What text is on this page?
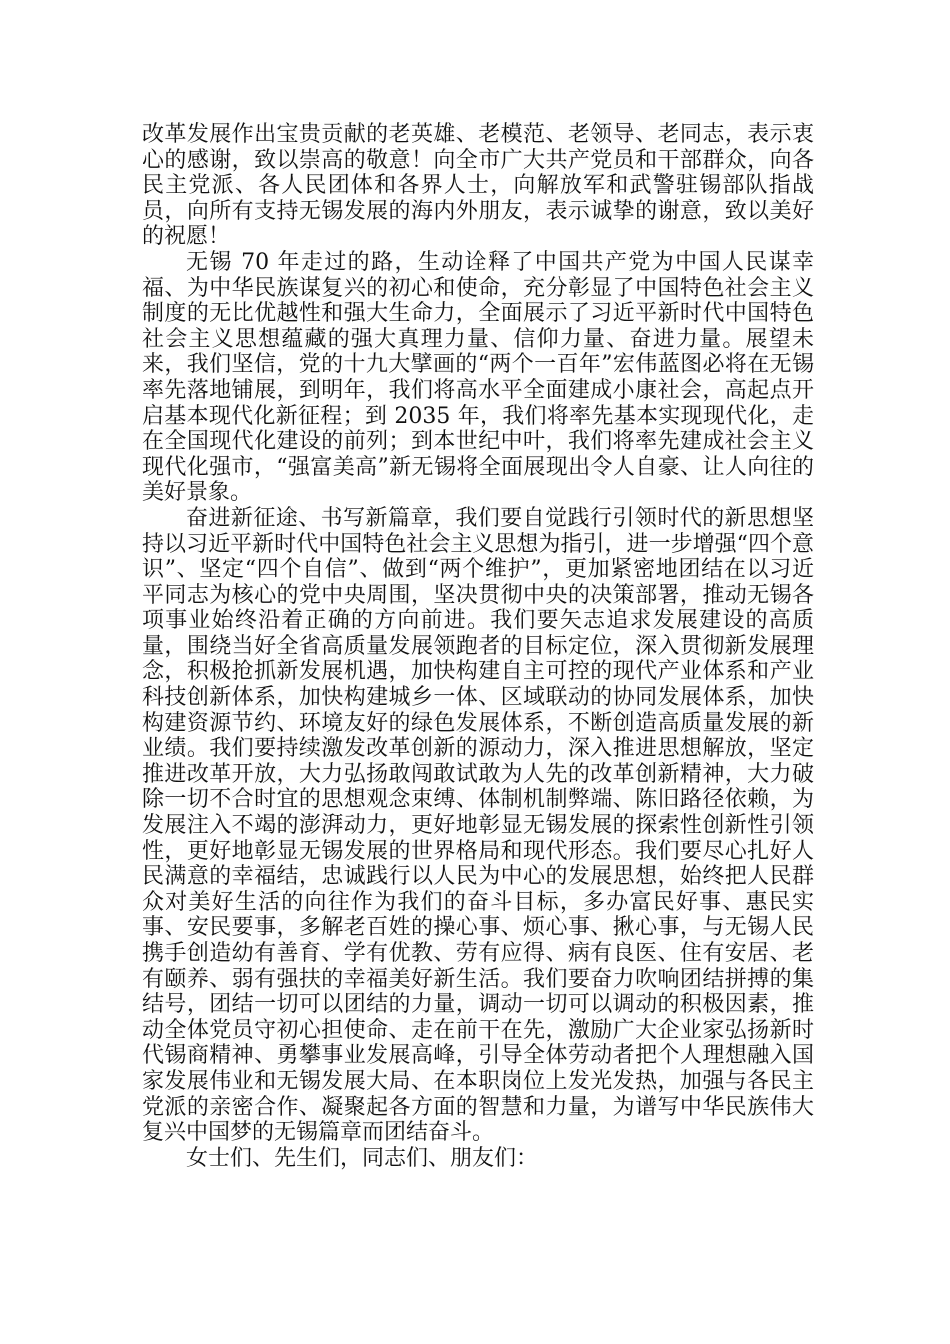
改革发展作出宝贵贡献的老英雄、老模范、老领导、老同志，表示衷心的感谢，致以崇高的敬意！向全市广大共产党员和干部群众，向各民主党派、各人民团体和各界人士，向解放军和武警驻锡部队指战员，向所有支持无锡发展的海内外朋友，表示诚挚的谢意，致以美好的祝愿！

无锡 70 年走过的路，生动诠释了中国共产党为中国人民谋幸福、为中华民族谋复兴的初心和使命，充分彰显了中国特色社会主义制度的无比优越性和强大生命力，全面展示了习近平新时代中国特色社会主义思想蕴藏的强大真理力量、信仰力量、奋进力量。展望未来，我们坚信，党的十九大擘画的“两个一百年”宏伟蓝图必将在无锡率先落地铺展，到明年，我们将高水平全面建成小康社会，高起点开启基本现代化新征程；到 2035 年，我们将率先基本实现现代化，走在全国现代化建设的前列；到本世纪中叶，我们将率先建成社会主义现代化强市，“强富美高”新无锡将全面展现出令人自豪、让人向往的美好景象。

奋进新征途、书写新篇章，我们要自觉践行引领时代的新思想坚持以习近平新时代中国特色社会主义思想为指引，进一步增强“四个意识”、坚定“四个自信”、做到“两个维护”，更加紧密地团结在以习近平同志为核心的党中央周围，坚决贯彻中央的决策部署，推动无锡各项事业始终沿着正确的方向前进。我们要矢志追求发展建设的高质量，围绕当好全省高质量发展领跑者的目标定位，深入贯彻新发展理念，积极抢抓新发展机遇，加快构建自主可控的现代产业体系和产业科技创新体系，加快构建城乡一体、区域联动的协同发展体系，加快构建资源节约、环境友好的绿色发展体系，不断创造高质量发展的新业绩。我们要持续激发改革创新的源动力，深入推进思想解放，坚定推进改革开放，大力弘扬敢闯敢试敢为人先的改革创新精神，大力破除一切不合时宜的思想观念束缚、体制机制弊端、陈旧路径依赖，为发展注入不竭的澎湃动力，更好地彰显无锡发展的探索性创新性引领性，更好地彰显无锡发展的世界格局和现代形态。我们要尽心扎好人民满意的幸福结，忠诚践行以人民为中心的发展思想，始终把人民群众对美好生活的向往作为我们的奋斗目标，多办富民好事、惠民实事、安民要事，多解老百姓的操心事、烦心事、揪心事，与无锡人民携手创造幼有善育、学有优教、劳有应得、病有良医、住有安居、老有颐养、弱有强扶的幸福美好新生活。我们要奋力吹响团结拼搏的集结号，团结一切可以团结的力量，调动一切可以调动的积极因素，推动全体党员守初心担使命、走在前干在先，激励广大企业家弘扬新时代锡商精神、勇攀事业发展高峰，引导全体劳动者把个人理想融入国家发展伟业和无锡发展大局、在本职岗位上发光发热，加强与各民主党派的亲密合作、凝聚起各方面的智慧和力量，为谱写中华民族伟大复兴中国梦的无锡篇章而团结奋斗。

女士们、先生们，同志们、朋友们：
